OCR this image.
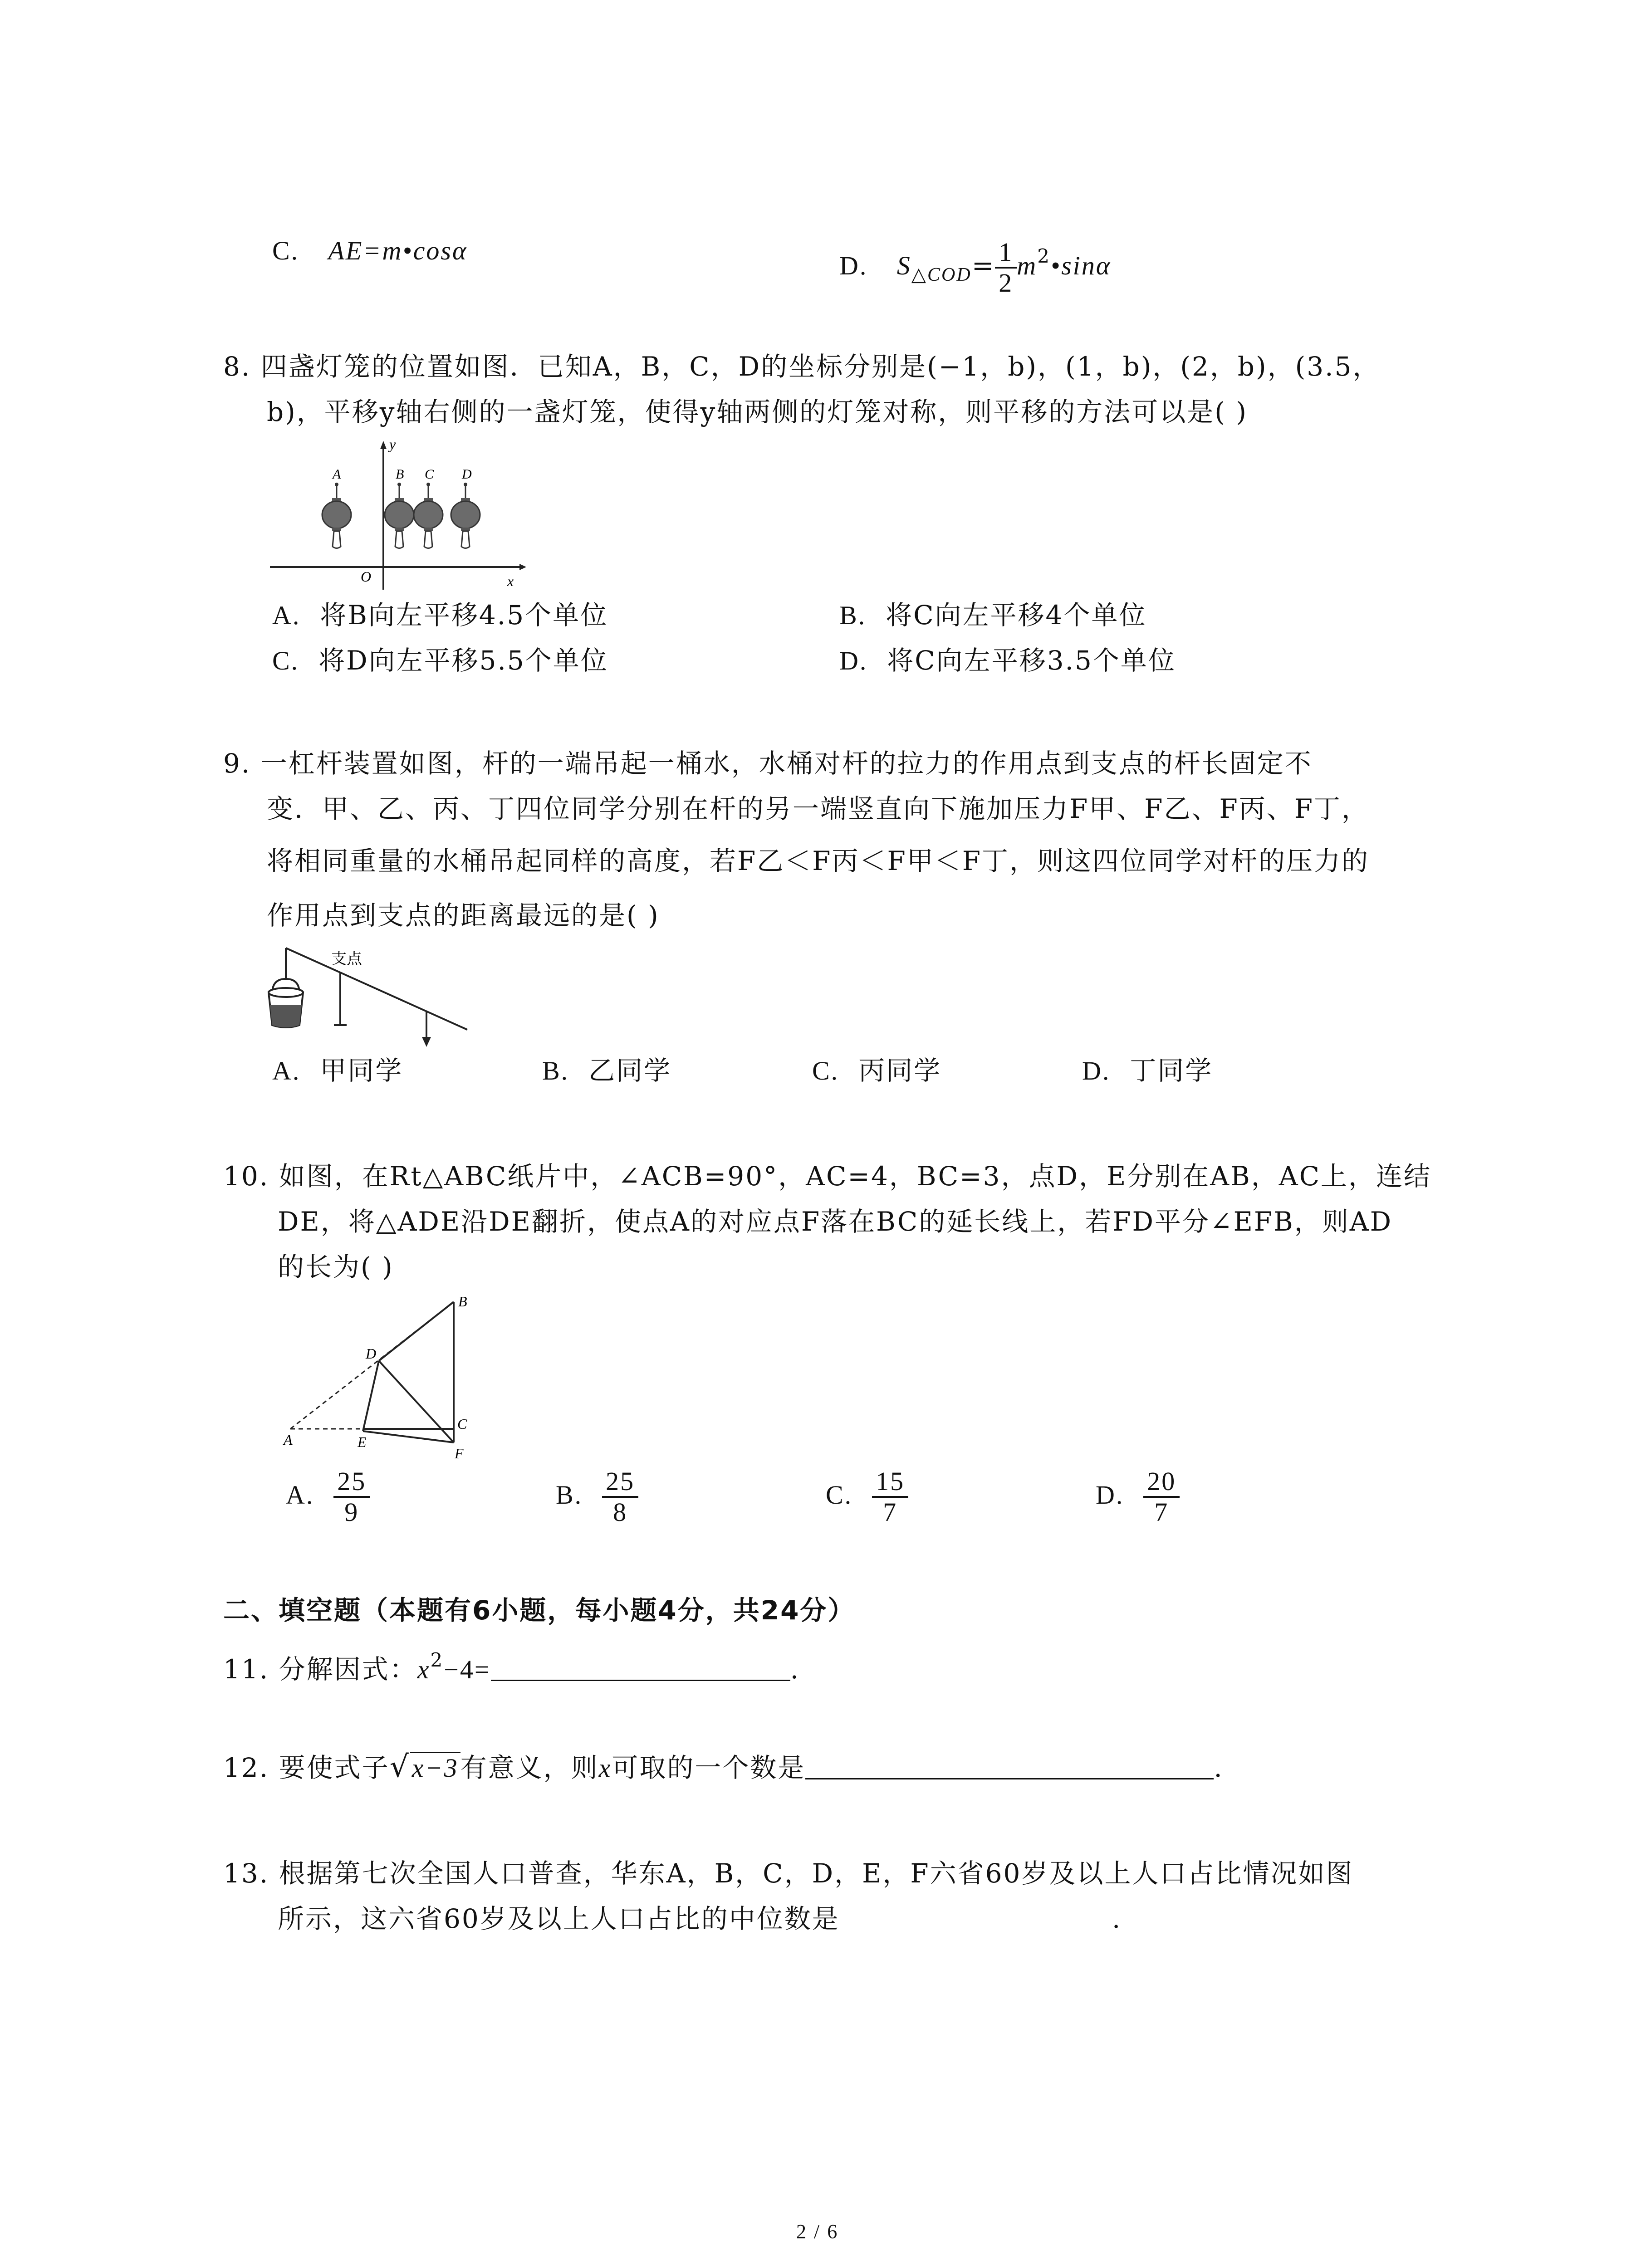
C. AE=m•cosα
D. $S_{\triangle COD}= \frac{1}{2}$ $m^2•\sin\alpha$
8. 四盏灯笼的位置如图．已知A，B，C，D的坐标分别是(−1，b)，(1，b)，(2，b)，(3.5，
b)，平移y轴右侧的一盏灯笼，使得y轴两侧的灯笼对称，则平移的方法可以是( )
y
x
O
A	B C D
A. 将B向左平移4.5个单位	B. 将C向左平移4个单位
C. 将D向左平移5.5个单位	D. 将C向左平移3.5个单位
9. 一杠杆装置如图，杆的一端吊起一桶水，水桶对杆的拉力的作用点到支点的杆长固定不
变．甲、乙、丙、丁四位同学分别在杆的另一端竖直向下施加压力F甲、F乙、F丙、F丁，
将相同重量的水桶吊起同样的高度，若F乙＜F丙＜F甲＜F丁，则这四位同学对杆的压力的
作用点到支点的距离最远的是( )
支点
A. 甲同学	B. 乙同学	C. 丙同学	D. 丁同学
10. 如图，在Rt△ABC纸片中，∠ACB=90°，AC=4，BC=3，点D，E分别在AB，AC上，连结
DE，将△ADE沿DE翻折，使点A的对应点F落在BC的延长线上，若FD平分∠EFB，则AD
的长为( )
B
D
C
A	E
F
A. $\frac{25}{9}$	B. $\frac{25}{8}$	C. $\frac{15}{7}$	D. $\frac{20}{7}$
二、填空题（本题有6小题，每小题4分，共24分）
11. 分解因式：$x^2-4=$	.
12. 要使式子√x−3有意义，则x可取的一个数是	.
13. 根据第七次全国人口普查，华东A，B，C，D，E，F六省60岁及以上人口占比情况如图
所示，这六省60岁及以上人口占比的中位数是	.
2 / 6
